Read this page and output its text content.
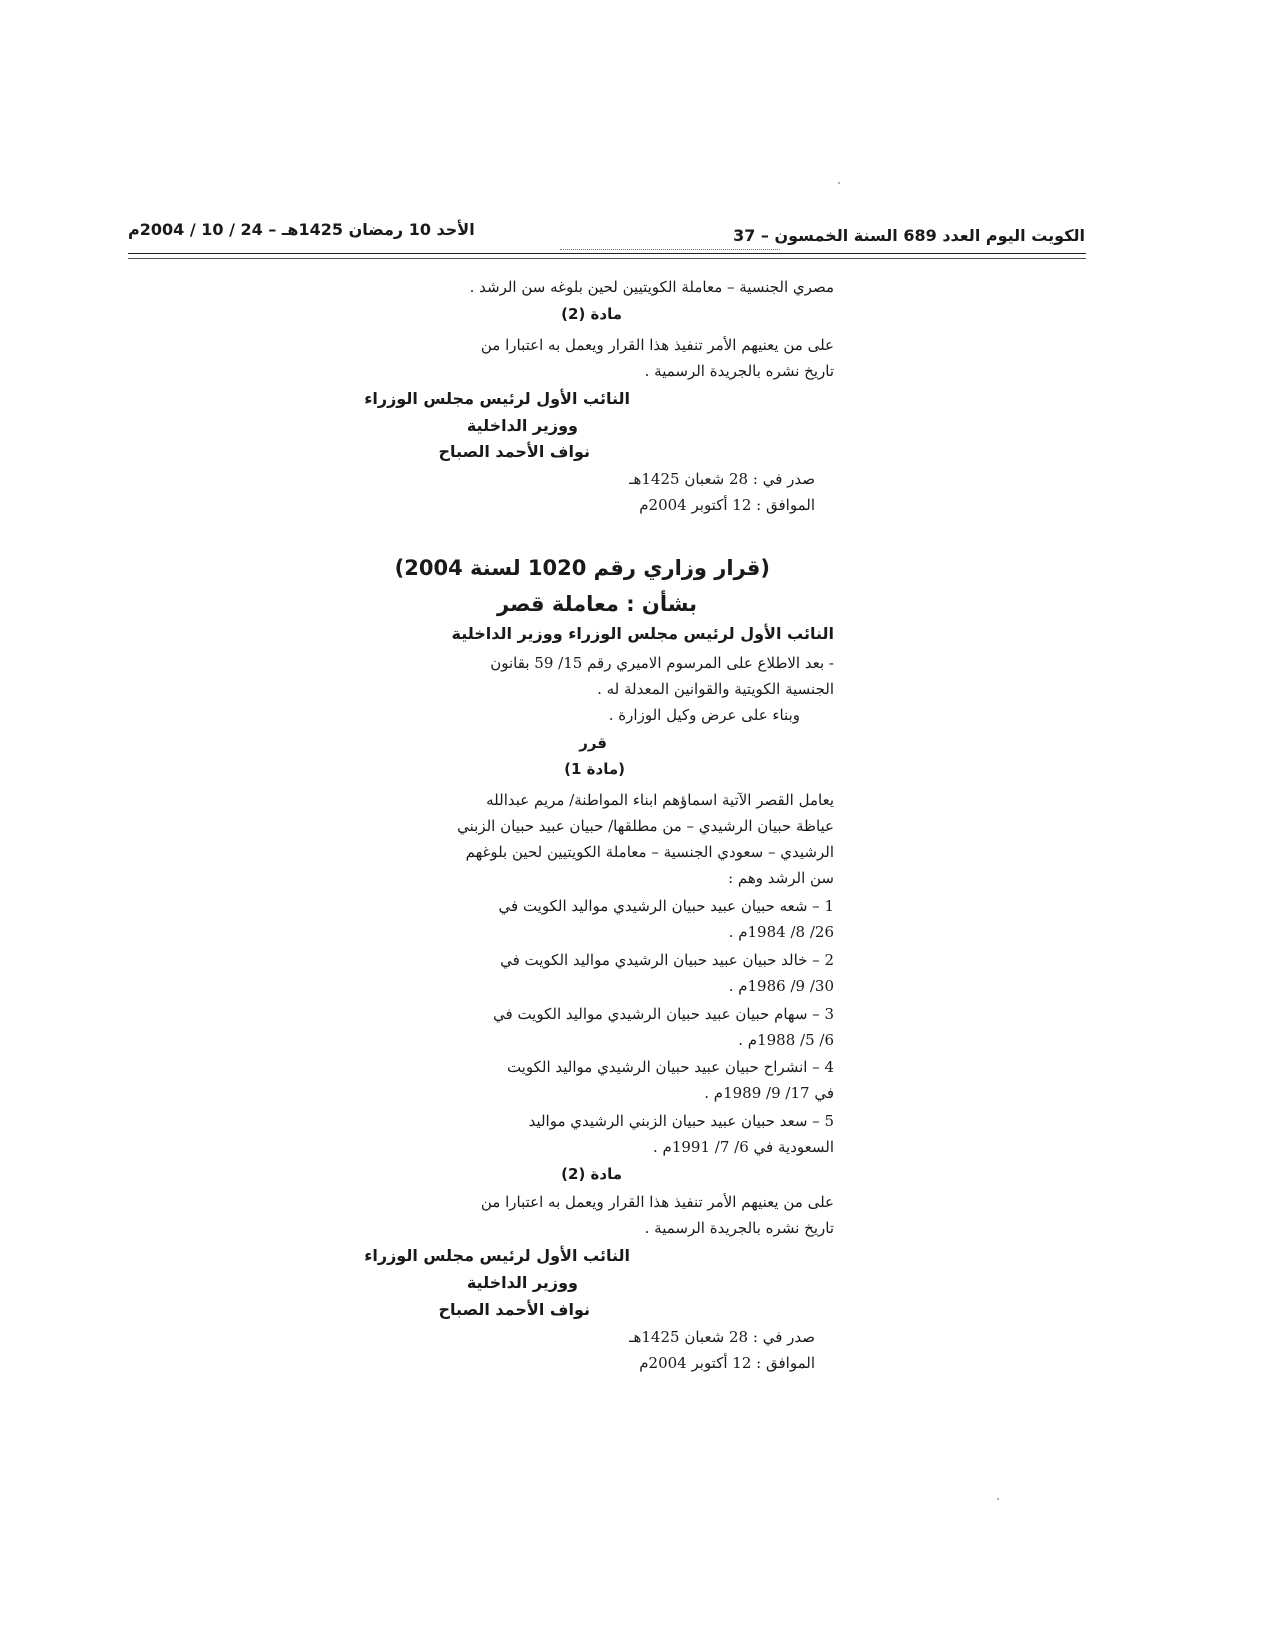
الكويت اليوم العدد 689 السنة الخمسون – 37
الأحد 10 رمضان 1425هـ – 24 / 10 / 2004م
مصري الجنسية – معاملة الكويتيين لحين بلوغه سن الرشد .
مادة (2)
على من يعنيهم الأمر تنفيذ هذا القرار ويعمل به اعتبارا من
تاريخ نشره بالجريدة الرسمية .
النائب الأول لرئيس مجلس الوزراء
ووزير الداخلية
نواف الأحمد الصباح
صدر في : 28 شعبان 1425هـ
الموافق : 12 أكتوبر 2004م
(قرار وزاري رقم 1020 لسنة 2004)
بشأن : معاملة قصر
النائب الأول لرئيس مجلس الوزراء ووزير الداخلية
- بعد الاطلاع على المرسوم الاميري رقم 15/ 59 بقانون
الجنسية الكويتية والقوانين المعدلة له .
وبناء على عرض وكيل الوزارة .
قرر
(مادة 1)
يعامل القصر الآتية اسماؤهم ابناء المواطنة/ مريم عبدالله
عياظة حبيان الرشيدي – من مطلقها/ حبيان عبيد حبيان الزبني
الرشيدي – سعودي الجنسية – معاملة الكويتيين لحين بلوغهم
سن الرشد وهم :
1 – شعه حبيان عبيد حبيان الرشيدي مواليد الكويت في
26/ 8/ 1984م .
2 – خالد حبيان عبيد حبيان الرشيدي مواليد الكويت في
30/ 9/ 1986م .
3 – سهام حبيان عبيد حبيان الرشيدي مواليد الكويت في
6/ 5/ 1988م .
4 – انشراح حبيان عبيد حبيان الرشيدي مواليد الكويت
في 17/ 9/ 1989م .
5 – سعد حبيان عبيد حبيان الزبني الرشيدي مواليد
السعودية في 6/ 7/ 1991م .
مادة (2)
على من يعنيهم الأمر تنفيذ هذا القرار ويعمل به اعتبارا من
تاريخ نشره بالجريدة الرسمية .
النائب الأول لرئيس مجلس الوزراء
ووزير الداخلية
نواف الأحمد الصباح
صدر في : 28 شعبان 1425هـ
الموافق : 12 أكتوبر 2004م
